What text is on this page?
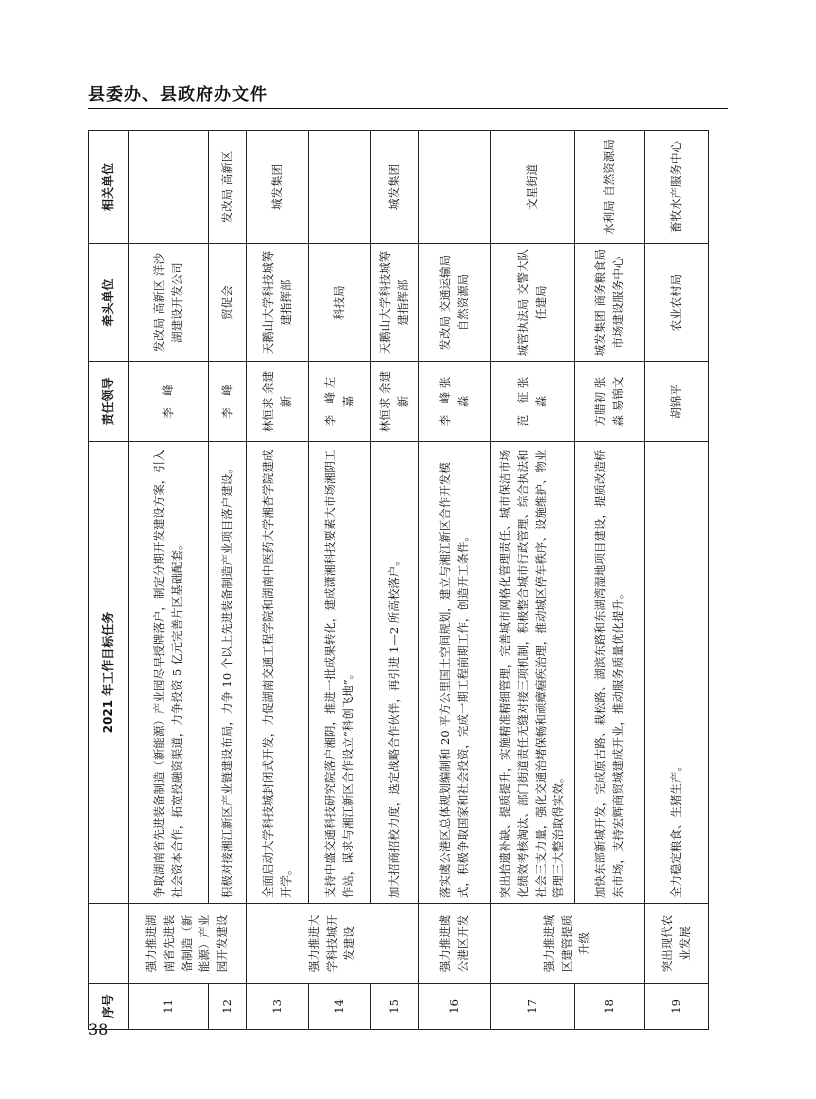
县委办、县政府办文件
序号		2021 年工作目标任务	责任领导	牵头单位	相关单位
11	强力推进湖南省先进装备制造（新能源）产业园开发建设	争取湖南省先进装备制造（新能源）产业园尽早授牌落户，制定分期开发建设方案，引入社会资本合作，拓宽投融资渠道，力争投资 5 亿元完善片区基础配套。	李　峰	发改局 高新区 洋沙湖建设开发公司	
12		积极对接湘江新区产业链建设布局，力争 10 个以上先进装备制造产业项目落户建设。	李　峰	贸促会	发改局 高新区
13	强力推进大学科技城开发建设	全面启动大学科技城封闭式开发，力促湖南交通工程学院和湖南中医药大学湘杏学院建成开学。	林恒求 余建新	天鹅山大学科技城筹建指挥部	城发集团
14		支持中盛交通科技研究院落户湘阴，推进一批成果转化，建成潇湘科技要素大市场湘阴工作站，谋求与湘江新区合作设立“科创飞地”。	李　峰 左　嘉	科技局	
15		加大招商招校力度，选定战略合作伙伴，再引进 1—2 所高校落户。	林恒求 余建新	天鹅山大学科技城筹建指挥部	城发集团
16	强力推进虞公港区开发	落实虞公港区总体规划编制和 20 平方公里国土空间规划，建立与湘江新区合作开发模式，积极争取国家和社会投资，完成一期工程前期工作，创造开工条件。	李　峰 张　淼	发改局 交通运输局 自然资源局	
17	强力推进城区建管提质升级	突出拾遗补缺、提质提升，实施精准精细管理，完善城市网格化管理责任、城市保洁市场化绩效考核淘汰、部门街道责任无缝对接三项机制，积极整合城市行政管理、综合执法和社会三支力量，强化交通治堵保畅和顽瘴痼疾治理，推动城区停车秩序、设施维护、物业管理三大整治取得实效。	范　征 张　淼	城管执法局 交警大队 任建局	文星街道
18		加快东部新城开发，完成原古路、栽松路、湖滨东路和东湖湾湿地项目建设，提质改造桥东市场，支持宏辉商贸城建成开业，推动服务质量优化提升。	方腊初 张　淼 易锦文	城发集团 商务粮食局 市场建设服务中心	水利局 自然资源局
19	突出现代农业发展	全力稳定粮食、生猪生产。	胡锦平	农业农村局	畜牧水产服务中心
38
